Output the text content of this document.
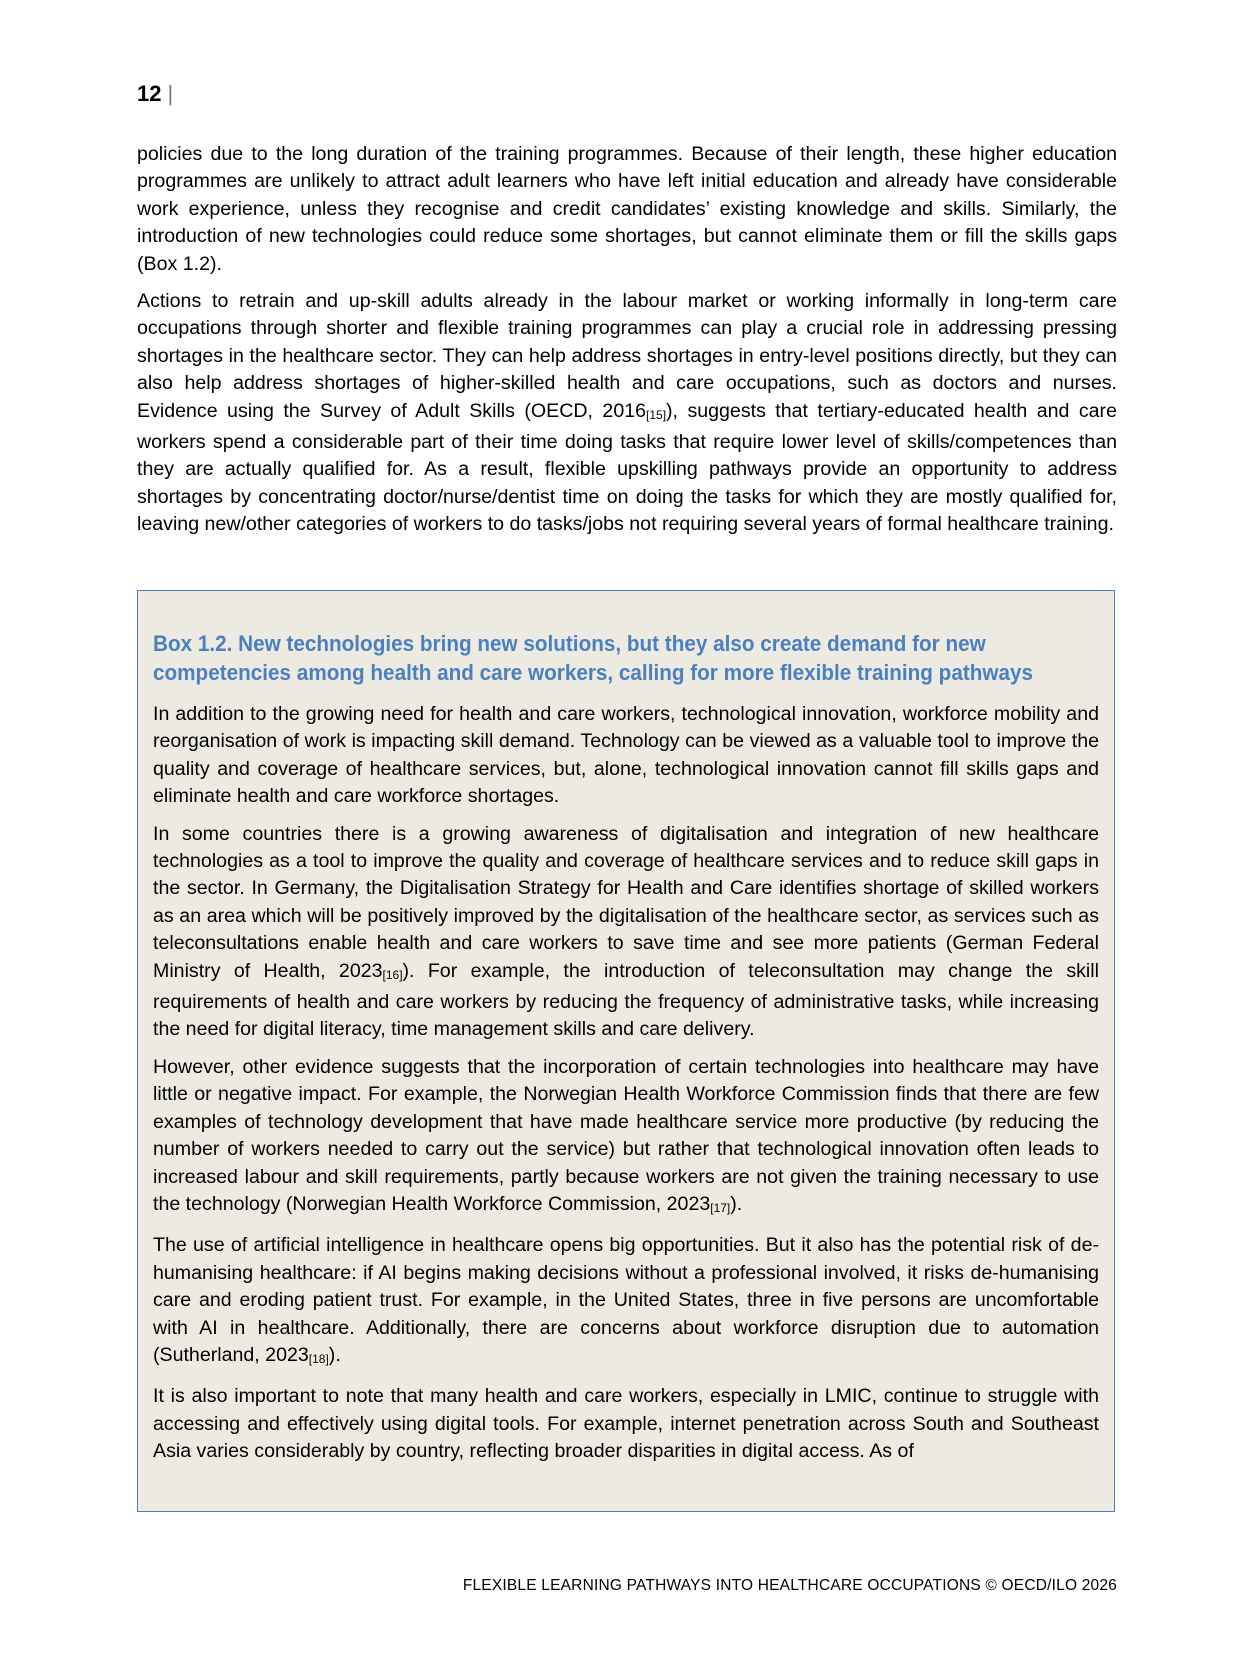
12 |

policies due to the long duration of the training programmes. Because of their length, these higher education programmes are unlikely to attract adult learners who have left initial education and already have considerable work experience, unless they recognise and credit candidates’ existing knowledge and skills. Similarly, the introduction of new technologies could reduce some shortages, but cannot eliminate them or fill the skills gaps (Box 1.2).

Actions to retrain and up-skill adults already in the labour market or working informally in long-term care occupations through shorter and flexible training programmes can play a crucial role in addressing pressing shortages in the healthcare sector. They can help address shortages in entry-level positions directly, but they can also help address shortages of higher-skilled health and care occupations, such as doctors and nurses. Evidence using the Survey of Adult Skills (OECD, $2016_{[15]}$), suggests that tertiary-educated health and care workers spend a considerable part of their time doing tasks that require lower level of skills/competences than they are actually qualified for. As a result, flexible upskilling pathways provide an opportunity to address shortages by concentrating doctor/nurse/dentist time on doing the tasks for which they are mostly qualified for, leaving new/other categories of workers to do tasks/jobs not requiring several years of formal healthcare training.

Box 1.2. New technologies bring new solutions, but they also create demand for new
competencies among health and care workers, calling for more flexible training pathways

In addition to the growing need for health and care workers, technological innovation, workforce mobility and reorganisation of work is impacting skill demand. Technology can be viewed as a valuable tool to improve the quality and coverage of healthcare services, but, alone, technological innovation cannot fill skills gaps and eliminate health and care workforce shortages.

In some countries there is a growing awareness of digitalisation and integration of new healthcare technologies as a tool to improve the quality and coverage of healthcare services and to reduce skill gaps in the sector. In Germany, the Digitalisation Strategy for Health and Care identifies shortage of skilled workers as an area which will be positively improved by the digitalisation of the healthcare sector, as services such as teleconsultations enable health and care workers to save time and see more patients (German Federal Ministry of Health, $2023_{[16]}$). For example, the introduction of teleconsultation may change the skill requirements of health and care workers by reducing the frequency of administrative tasks, while increasing the need for digital literacy, time management skills and care delivery.

However, other evidence suggests that the incorporation of certain technologies into healthcare may have little or negative impact. For example, the Norwegian Health Workforce Commission finds that there are few examples of technology development that have made healthcare service more productive (by reducing the number of workers needed to carry out the service) but rather that technological innovation often leads to increased labour and skill requirements, partly because workers are not given the training necessary to use the technology (Norwegian Health Workforce Commission, $2023_{[17]}$).

The use of artificial intelligence in healthcare opens big opportunities. But it also has the potential risk of de-humanising healthcare: if AI begins making decisions without a professional involved, it risks de-humanising care and eroding patient trust. For example, in the United States, three in five persons are uncomfortable with AI in healthcare. Additionally, there are concerns about workforce disruption due to automation (Sutherland, $2023_{[18]}$).

It is also important to note that many health and care workers, especially in LMIC, continue to struggle with accessing and effectively using digital tools. For example, internet penetration across South and Southeast Asia varies considerably by country, reflecting broader disparities in digital access. As of

FLEXIBLE LEARNING PATHWAYS INTO HEALTHCARE OCCUPATIONS © OECD/ILO 2026
